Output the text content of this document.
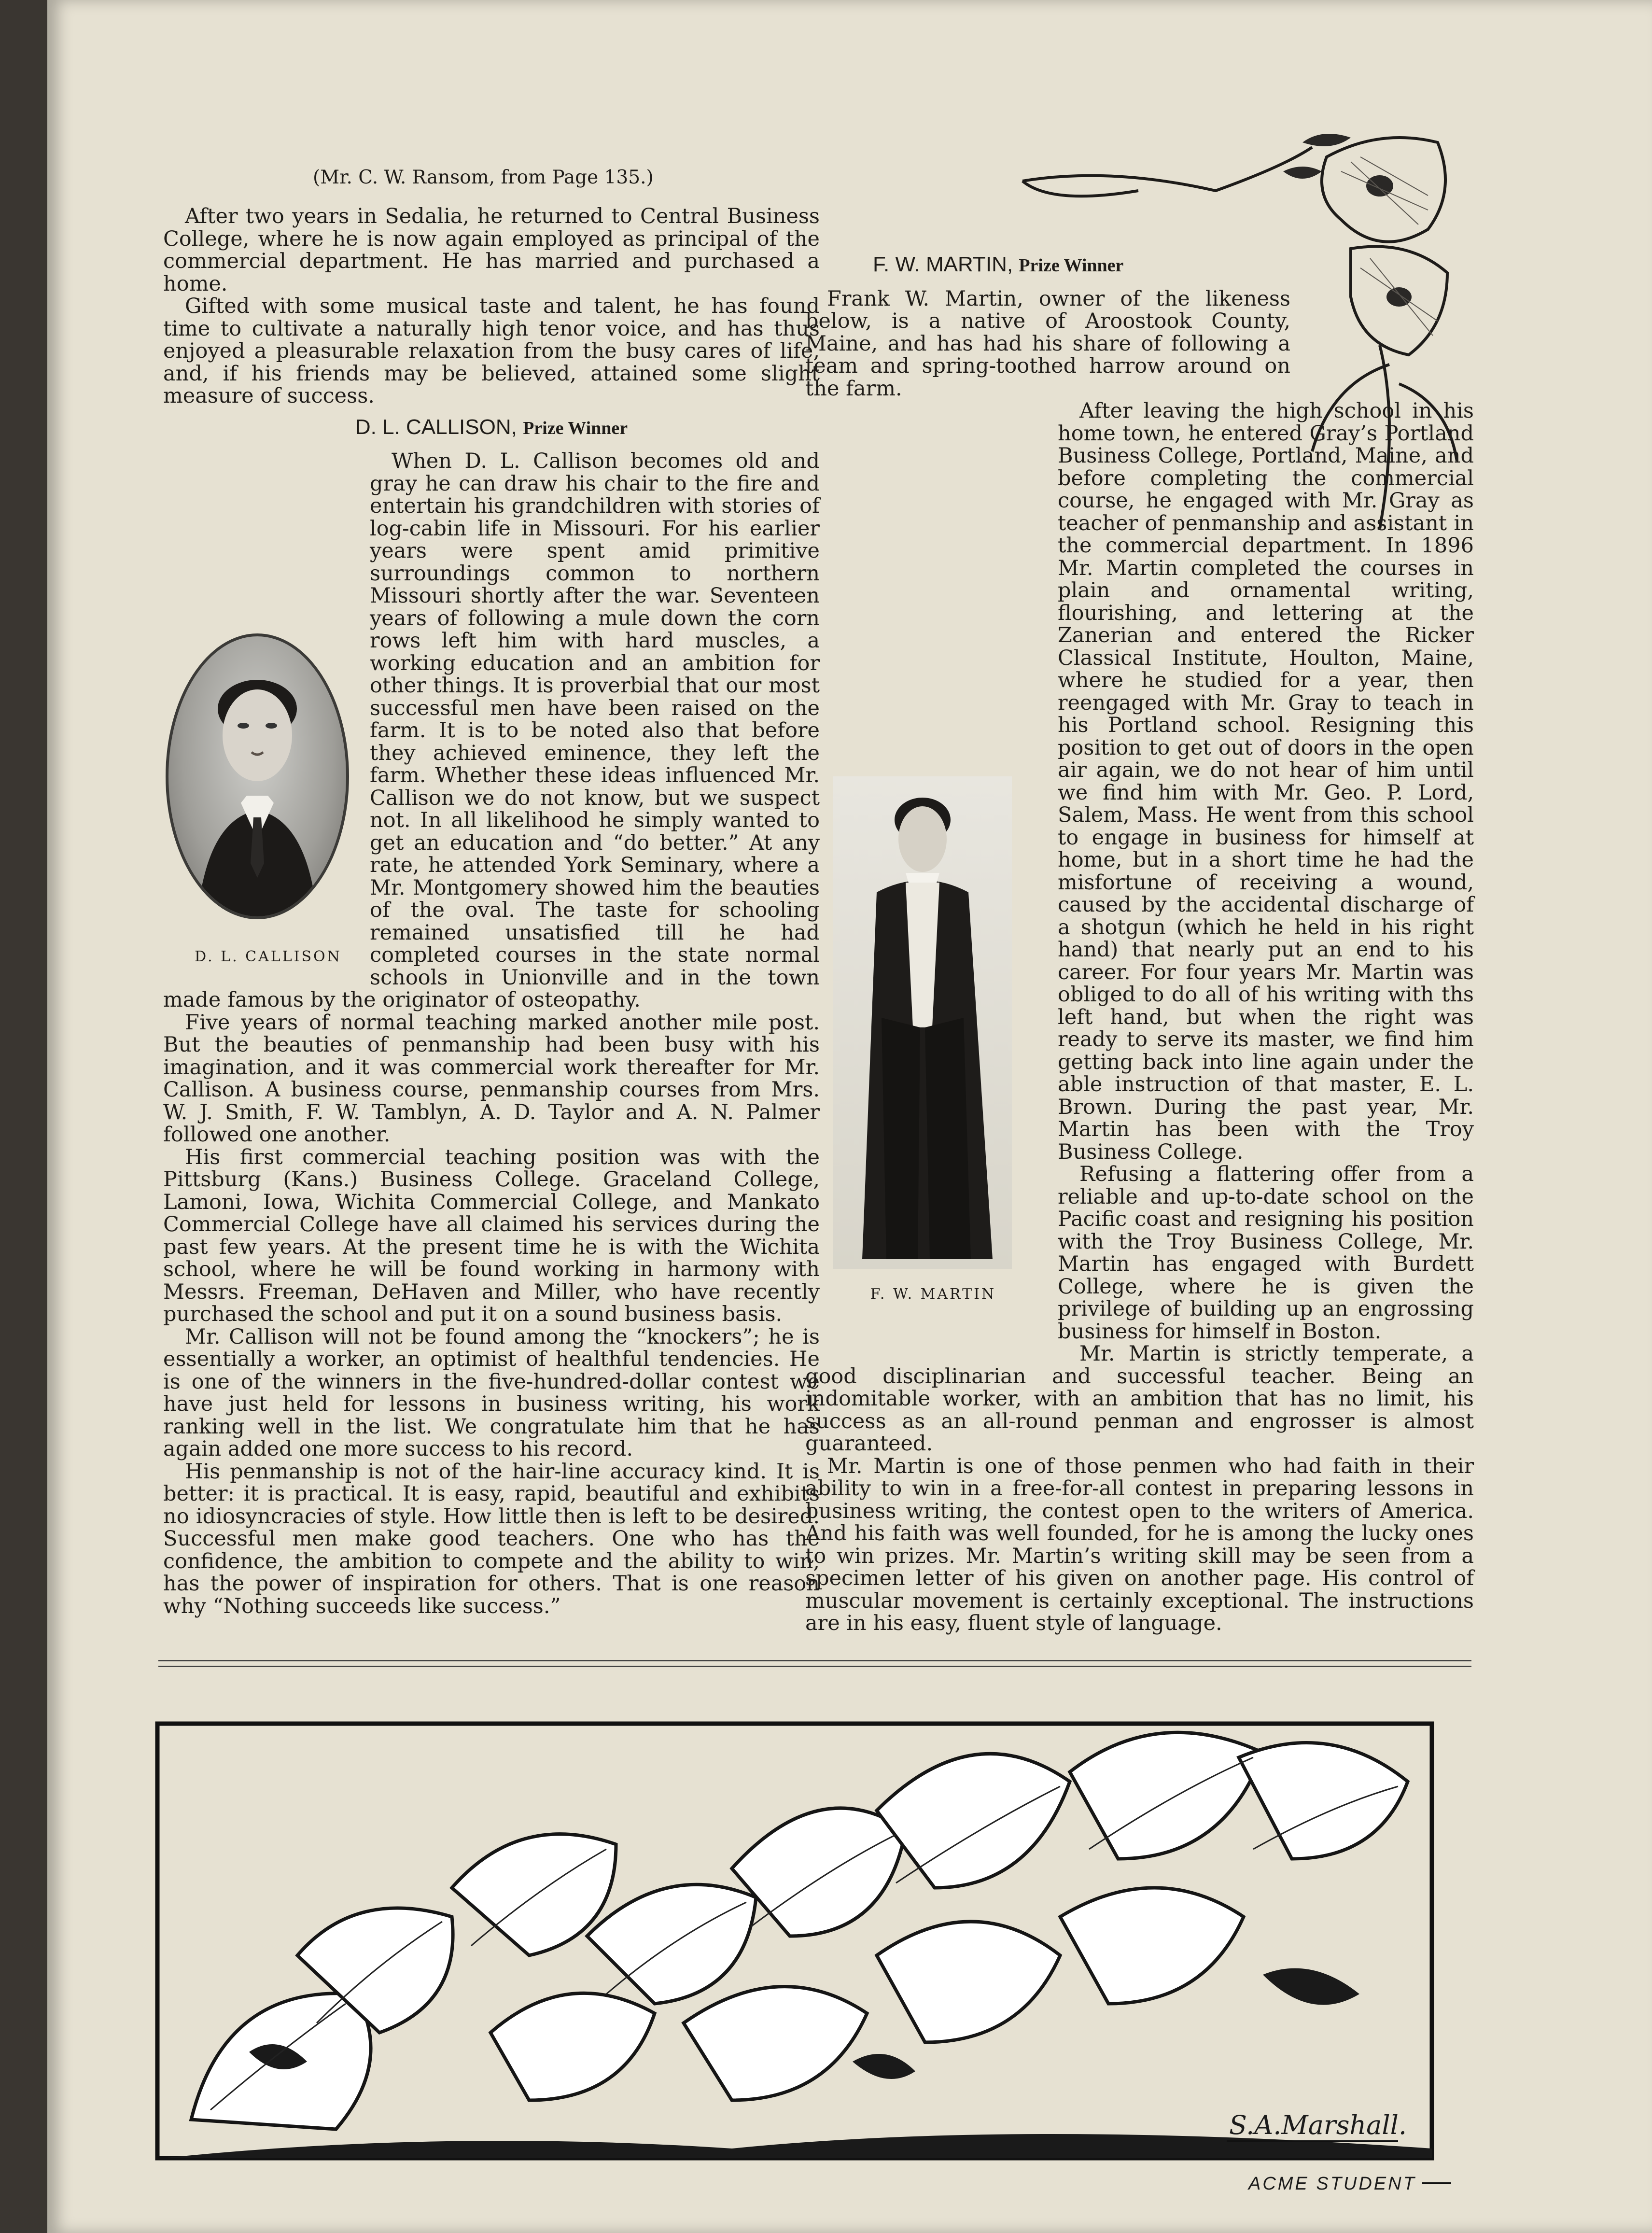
(Mr. C. W. Ransom, from Page 135.)

After two years in Sedalia, he returned to Central Business College, where he is now again employed as principal of the commercial department. He has married and purchased a home.

Gifted with some musical taste and talent, he has found time to cultivate a naturally high tenor voice, and has thus enjoyed a pleasurable relaxation from the busy cares of life, and, if his friends may be believed, attained some slight measure of success.

D. L. CALLISON, Prize Winner

D. L. CALLISON
When D. L. Callison becomes old and gray he can draw his chair to the fire and entertain his grandchildren with stories of log-cabin life in Missouri. For his earlier years were spent amid primitive surroundings common to northern Missouri shortly after the war. Seventeen years of following a mule down the corn rows left him with hard muscles, a working education and an ambition for other things. It is proverbial that our most successful men have been raised on the farm. It is to be noted also that before they achieved eminence, they left the farm. Whether these ideas influenced Mr. Callison we do not know, but we suspect not. In all likelihood he simply wanted to get an education and “do better.” At any rate, he attended York Seminary, where a Mr. Montgomery showed him the beauties of the oval. The taste for schooling remained unsatisfied till he had completed courses in the state normal schools in Unionville and in the town made famous by the originator of osteopathy.

Five years of normal teaching marked another mile post. But the beauties of penmanship had been busy with his imagination, and it was commercial work thereafter for Mr. Callison. A business course, penmanship courses from Mrs. W. J. Smith, F. W. Tamblyn, A. D. Taylor and A. N. Palmer followed one another.

His first commercial teaching position was with the Pittsburg (Kans.) Business College. Graceland College, Lamoni, Iowa, Wichita Commercial College, and Mankato Commercial College have all claimed his services during the past few years. At the present time he is with the Wichita school, where he will be found working in harmony with Messrs. Freeman, DeHaven and Miller, who have recently purchased the school and put it on a sound business basis.

Mr. Callison will not be found among the “knockers”; he is essentially a worker, an optimist of healthful tendencies. He is one of the winners in the five-hundred-dollar contest we have just held for lessons in business writing, his work ranking well in the list. We congratulate him that he has again added one more success to his record.

His penmanship is not of the hair-line accuracy kind. It is better: it is practical. It is easy, rapid, beautiful and exhibits no idiosyncracies of style. How little then is left to be desired. Successful men make good teachers. One who has the confidence, the ambition to compete and the ability to win, has the power of inspiration for others. That is one reason why “Nothing succeeds like success.”

F. W. MARTIN, Prize Winner

Frank W. Martin, owner of the likeness below, is a native of Aroostook County, Maine, and has had his share of following a team and spring-toothed harrow around on the farm.

F. W. MARTIN
After leaving the high school in his home town, he entered Gray’s Portland Business College, Portland, Maine, and before completing the commercial course, he engaged with Mr. Gray as teacher of penmanship and assistant in the commercial department. In 1896 Mr. Martin completed the courses in plain and ornamental writing, flourishing, and lettering at the Zanerian and entered the Ricker Classical Institute, Houlton, Maine, where he studied for a year, then reengaged with Mr. Gray to teach in his Portland school. Resigning this position to get out of doors in the open air again, we do not hear of him until we find him with Mr. Geo. P. Lord, Salem, Mass. He went from this school to engage in business for himself at home, but in a short time he had the misfortune of receiving a wound, caused by the accidental discharge of a shotgun (which he held in his right hand) that nearly put an end to his career. For four years Mr. Martin was obliged to do all of his writing with ths left hand, but when the right was ready to serve its master, we find him getting back into line again under the able instruction of that master, E. L. Brown. During the past year, Mr. Martin has been with the Troy Business College.

Refusing a flattering offer from a reliable and up-to-date school on the Pacific coast and resigning his position with the Troy Business College, Mr. Martin has engaged with Burdett College, where he is given the privilege of building up an engrossing business for himself in Boston.

Mr. Martin is strictly temperate, a good disciplinarian and successful teacher. Being an indomitable worker, with an ambition that has no limit, his success as an all-round penman and engrosser is almost guaranteed.

Mr. Martin is one of those penmen who had faith in their ability to win in a free-for-all contest in preparing lessons in business writing, the contest open to the writers of America. And his faith was well founded, for he is among the lucky ones to win prizes. Mr. Martin’s writing skill may be seen from a specimen letter of his given on another page. His control of muscular movement is certainly exceptional. The instructions are in his easy, fluent style of language.

S.A.Marshall.
ACME STUDENT
